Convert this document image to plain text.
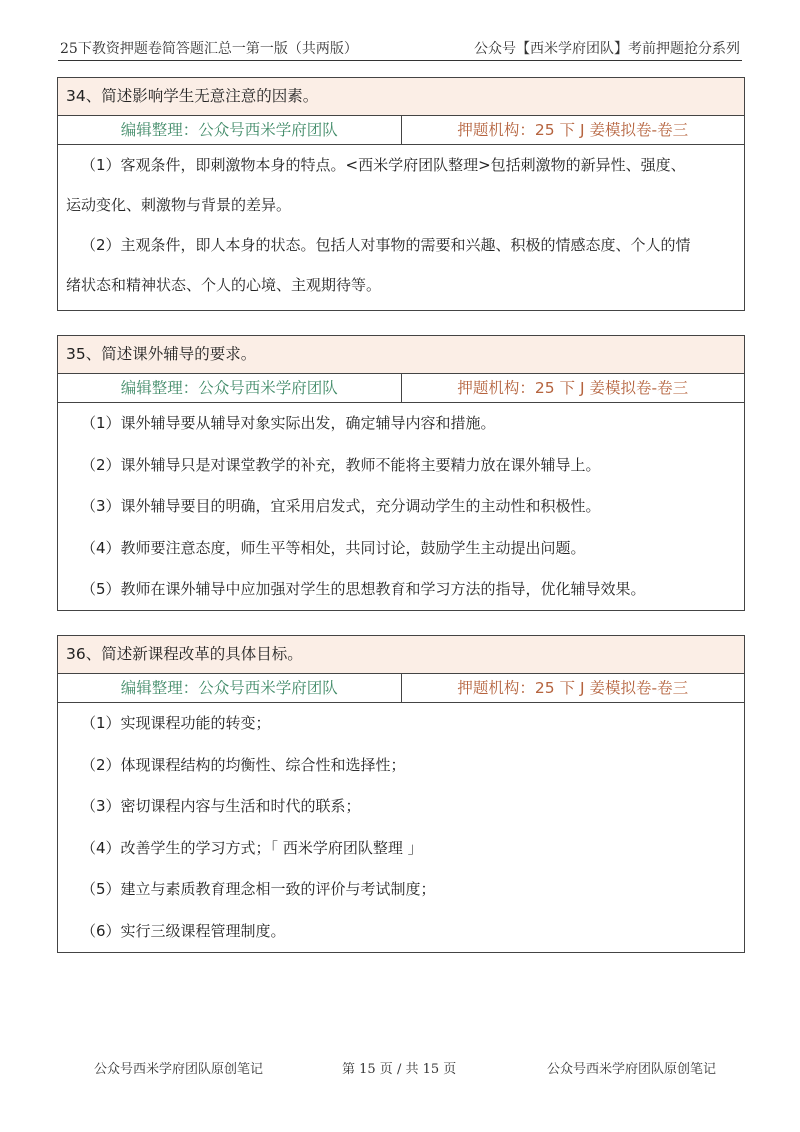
25下教资押题卷简答题汇总一第一版（共两版）	公众号【西米学府团队】考前押题抢分系列
34、简述影响学生无意注意的因素。
编辑整理：公众号西米学府团队	押题机构：25 下 J 姜模拟卷-卷三

（1）客观条件，即刺激物本身的特点。<西米学府团队整理>包括刺激物的新异性、强度、

运动变化、刺激物与背景的差异。

（2）主观条件，即人本身的状态。包括人对事物的需要和兴趣、积极的情感态度、个人的情

绪状态和精神状态、个人的心境、主观期待等。

35、简述课外辅导的要求。
编辑整理：公众号西米学府团队	押题机构：25 下 J 姜模拟卷-卷三

（1）课外辅导要从辅导对象实际出发，确定辅导内容和措施。

（2）课外辅导只是对课堂教学的补充，教师不能将主要精力放在课外辅导上。

（3）课外辅导要目的明确，宜采用启发式，充分调动学生的主动性和积极性。

（4）教师要注意态度，师生平等相处，共同讨论，鼓励学生主动提出问题。

（5）教师在课外辅导中应加强对学生的思想教育和学习方法的指导，优化辅导效果。

36、简述新课程改革的具体目标。
编辑整理：公众号西米学府团队	押题机构：25 下 J 姜模拟卷-卷三

（1）实现课程功能的转变；

（2）体现课程结构的均衡性、综合性和选择性；

（3）密切课程内容与生活和时代的联系；

（4）改善学生的学习方式；「 西米学府团队整理 」

（5）建立与素质教育理念相一致的评价与考试制度；

（6）实行三级课程管理制度。

公众号西米学府团队原创笔记	第 15 页 / 共 15 页	公众号西米学府团队原创笔记
